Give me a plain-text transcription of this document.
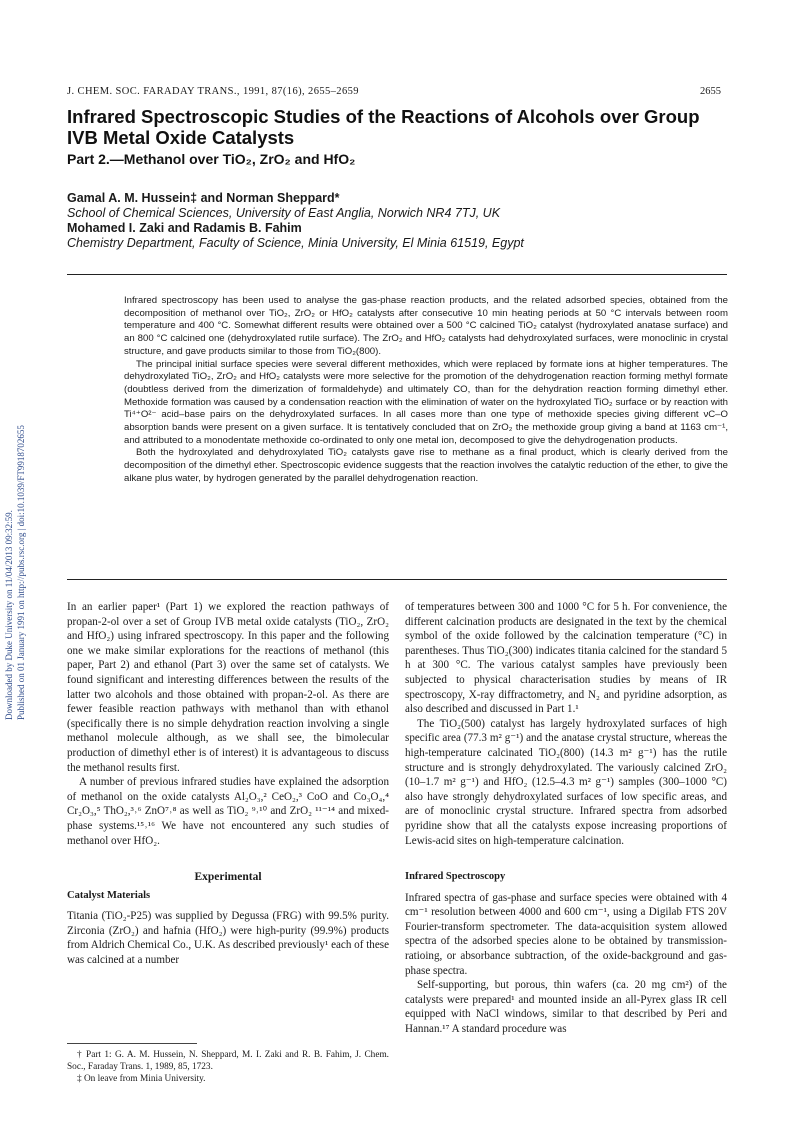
Downloaded by Duke University on 11/04/2013 09:32:59. Published on 01 January 1991 on http://pubs.rsc.org | doi:10.1039/FT9918702655
J. CHEM. SOC. FARADAY TRANS., 1991, 87(16), 2655–2659	2655
Infrared Spectroscopic Studies of the Reactions of Alcohols over Group IVB Metal Oxide Catalysts
Part 2.—Methanol over TiO₂, ZrO₂ and HfO₂
Gamal A. M. Hussein‡ and Norman Sheppard*
School of Chemical Sciences, University of East Anglia, Norwich NR4 7TJ, UK
Mohamed I. Zaki and Radamis B. Fahim
Chemistry Department, Faculty of Science, Minia University, El Minia 61519, Egypt

Infrared spectroscopy has been used to analyse the gas-phase reaction products, and the related adsorbed species, obtained from the decomposition of methanol over TiO₂, ZrO₂ or HfO₂ catalysts after consecutive 10 min heating periods at 50 °C intervals between room temperature and 400 °C. Somewhat different results were obtained over a 500 °C calcined TiO₂ catalyst (hydroxylated anatase surface) and an 800 °C calcined one (dehydroxylated rutile surface). The ZrO₂ and HfO₂ catalysts had dehydroxylated surfaces, were monoclinic in crystal structure, and gave products similar to those from TiO₂(800).

The principal initial surface species were several different methoxides, which were replaced by formate ions at higher temperatures. The dehydroxylated TiO₂, ZrO₂ and HfO₂ catalysts were more selective for the promotion of the dehydrogenation reaction forming methyl formate (doubtless derived from the dimerization of formaldehyde) and ultimately CO, than for the dehydration reaction forming dimethyl ether. Methoxide formation was caused by a condensation reaction with the elimination of water on the hydroxylated TiO₂ surface or by reaction with Ti⁴⁺O²⁻ acid–base pairs on the dehydroxylated surfaces. In all cases more than one type of methoxide species giving different νC–O absorption bands were present on a given surface. It is tentatively concluded that on ZrO₂ the methoxide group giving a band at 1163 cm⁻¹, and attributed to a monodentate methoxide co-ordinated to only one metal ion, decomposed to give the dehydrogenation products.

Both the hydroxylated and dehydroxylated TiO₂ catalysts gave rise to methane as a final product, which is clearly derived from the decomposition of the dimethyl ether. Spectroscopic evidence suggests that the reaction involves the catalytic reduction of the ether, to give the alkane plus water, by hydrogen generated by the parallel dehydrogenation reaction.

In an earlier paper¹ (Part 1) we explored the reaction pathways of propan-2-ol over a set of Group IVB metal oxide catalysts (TiO₂, ZrO₂ and HfO₂) using infrared spectroscopy. In this paper and the following one we make similar explorations for the reactions of methanol (this paper, Part 2) and ethanol (Part 3) over the same set of catalysts. We found significant and interesting differences between the results of the latter two alcohols and those obtained with propan-2-ol. As there are fewer feasible reaction pathways with methanol than with ethanol (specifically there is no simple dehydration reaction involving a single methanol molecule although, as we shall see, the bimolecular production of dimethyl ether is of interest) it is advantageous to discuss the methanol results first.

A number of previous infrared studies have explained the adsorption of methanol on the oxide catalysts Al₂O₃,² CeO₂,³ CoO and Co₃O₄,⁴ Cr₂O₃,⁵ ThO₂,³˒⁶ ZnO⁷˒⁸ as well as TiO₂ ⁹˒¹⁰ and ZrO₂ ¹¹⁻¹⁴ and mixed-phase systems.¹⁵˒¹⁶ We have not encountered any such studies of methanol over HfO₂.

Experimental
Catalyst Materials

Titania (TiO₂-P25) was supplied by Degussa (FRG) with 99.5% purity. Zirconia (ZrO₂) and hafnia (HfO₂) were high-purity (99.9%) products from Aldrich Chemical Co., U.K. As described previously¹ each of these was calcined at a number

† Part 1: G. A. M. Hussein, N. Sheppard, M. I. Zaki and R. B. Fahim, J. Chem. Soc., Faraday Trans. 1, 1989, 85, 1723.

‡ On leave from Minia University.

of temperatures between 300 and 1000 °C for 5 h. For convenience, the different calcination products are designated in the text by the chemical symbol of the oxide followed by the calcination temperature (°C) in parentheses. Thus TiO₂(300) indicates titania calcined for the standard 5 h at 300 °C. The various catalyst samples have previously been subjected to physical characterisation studies by means of IR spectroscopy, X-ray diffractometry, and N₂ and pyridine adsorption, as also described and discussed in Part 1.¹

The TiO₂(500) catalyst has largely hydroxylated surfaces of high specific area (77.3 m² g⁻¹) and the anatase crystal structure, whereas the high-temperature calcinated TiO₂(800) (14.3 m² g⁻¹) has the rutile structure and is strongly dehydroxylated. The variously calcined ZrO₂ (10–1.7 m² g⁻¹) and HfO₂ (12.5–4.3 m² g⁻¹) samples (300–1000 °C) also have strongly dehydroxylated surfaces of low specific areas, and are of monoclinic crystal structure. Infrared spectra from adsorbed pyridine show that all the catalysts expose increasing proportions of Lewis-acid sites on high-temperature calcination.

Infrared Spectroscopy

Infrared spectra of gas-phase and surface species were obtained with 4 cm⁻¹ resolution between 4000 and 600 cm⁻¹, using a Digilab FTS 20V Fourier-transform spectrometer. The data-acquisition system allowed spectra of the adsorbed species alone to be obtained by transmission-ratioing, or absorbance subtraction, of the oxide-background and gas-phase spectra.

Self-supporting, but porous, thin wafers (ca. 20 mg cm²) of the catalysts were prepared¹ and mounted inside an all-Pyrex glass IR cell equipped with NaCl windows, similar to that described by Peri and Hannan.¹⁷ A standard procedure was
